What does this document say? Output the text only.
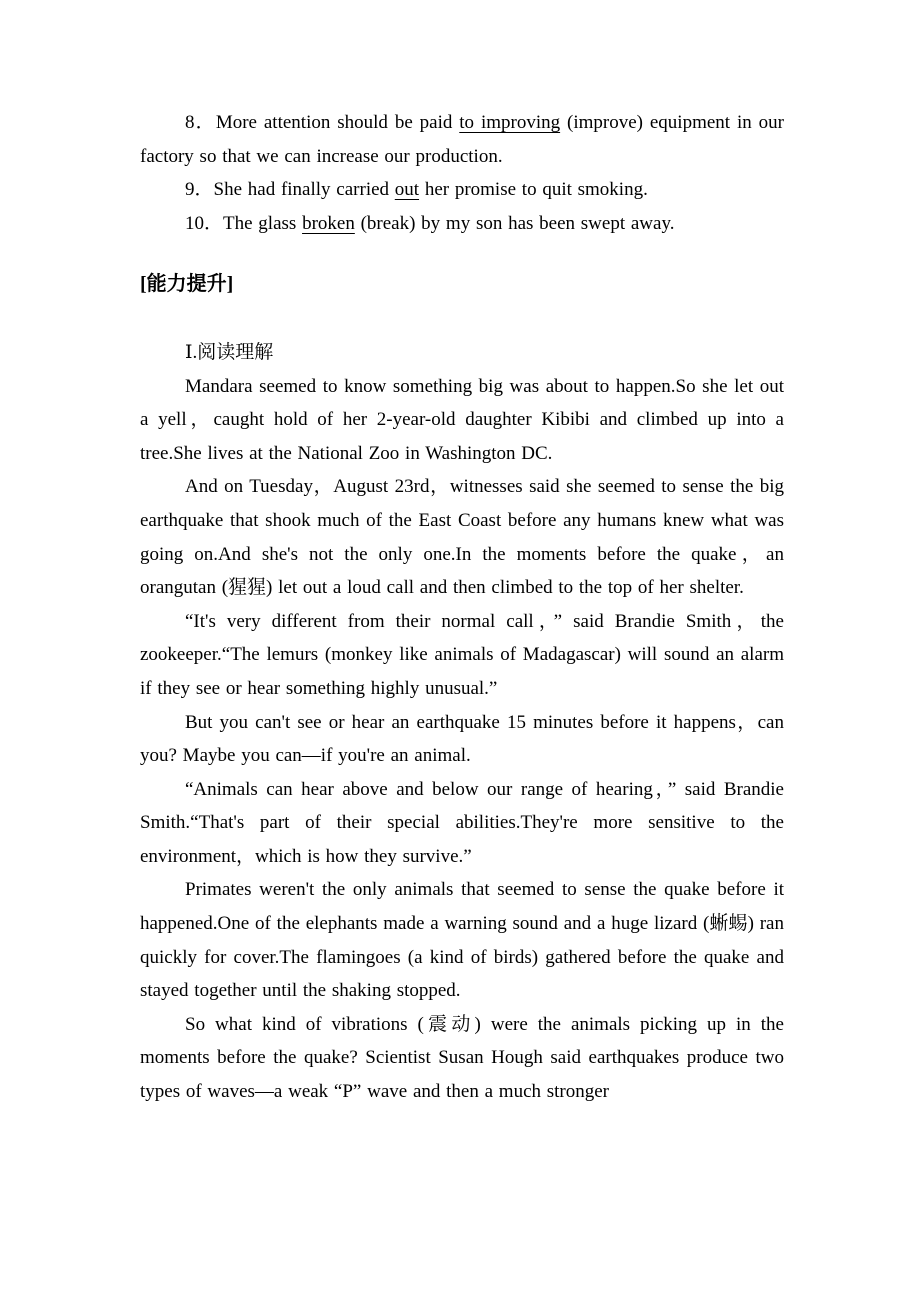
8．More attention should be paid to improving (improve) equipment in our factory so that we can increase our production.

9．She had finally carried out her promise to quit smoking.

10．The glass broken (break) by my son has been swept away.

[能力提升]

Ⅰ.阅读理解

Mandara seemed to know something big was about to happen.So she let out a yell，caught hold of her 2-year-old daughter Kibibi and climbed up into a tree.She lives at the National Zoo in Washington DC.

And on Tuesday，August 23rd，witnesses said she seemed to sense the big earthquake that shook much of the East Coast before any humans knew what was going on.And she's not the only one.In the moments before the quake，an orangutan (猩猩) let out a loud call and then climbed to the top of her shelter.

“It's very different from their normal call，” said Brandie Smith，the zookeeper.“The lemurs (monkey like animals of Madagascar) will sound an alarm if they see or hear something highly unusual.”

But you can't see or hear an earthquake 15 minutes before it happens，can you? Maybe you can—if you're an animal.

“Animals can hear above and below our range of hearing，” said Brandie Smith.“That's part of their special abilities.They're more sensitive to the environment，which is how they survive.”

Primates weren't the only animals that seemed to sense the quake before it happened.One of the elephants made a warning sound and a huge lizard (蜥蜴) ran quickly for cover.The flamingoes (a kind of birds) gathered before the quake and stayed together until the shaking stopped.

So what kind of vibrations (震动) were the animals picking up in the moments before the quake? Scientist Susan Hough said earthquakes produce two types of waves—a weak “P” wave and then a much stronger
